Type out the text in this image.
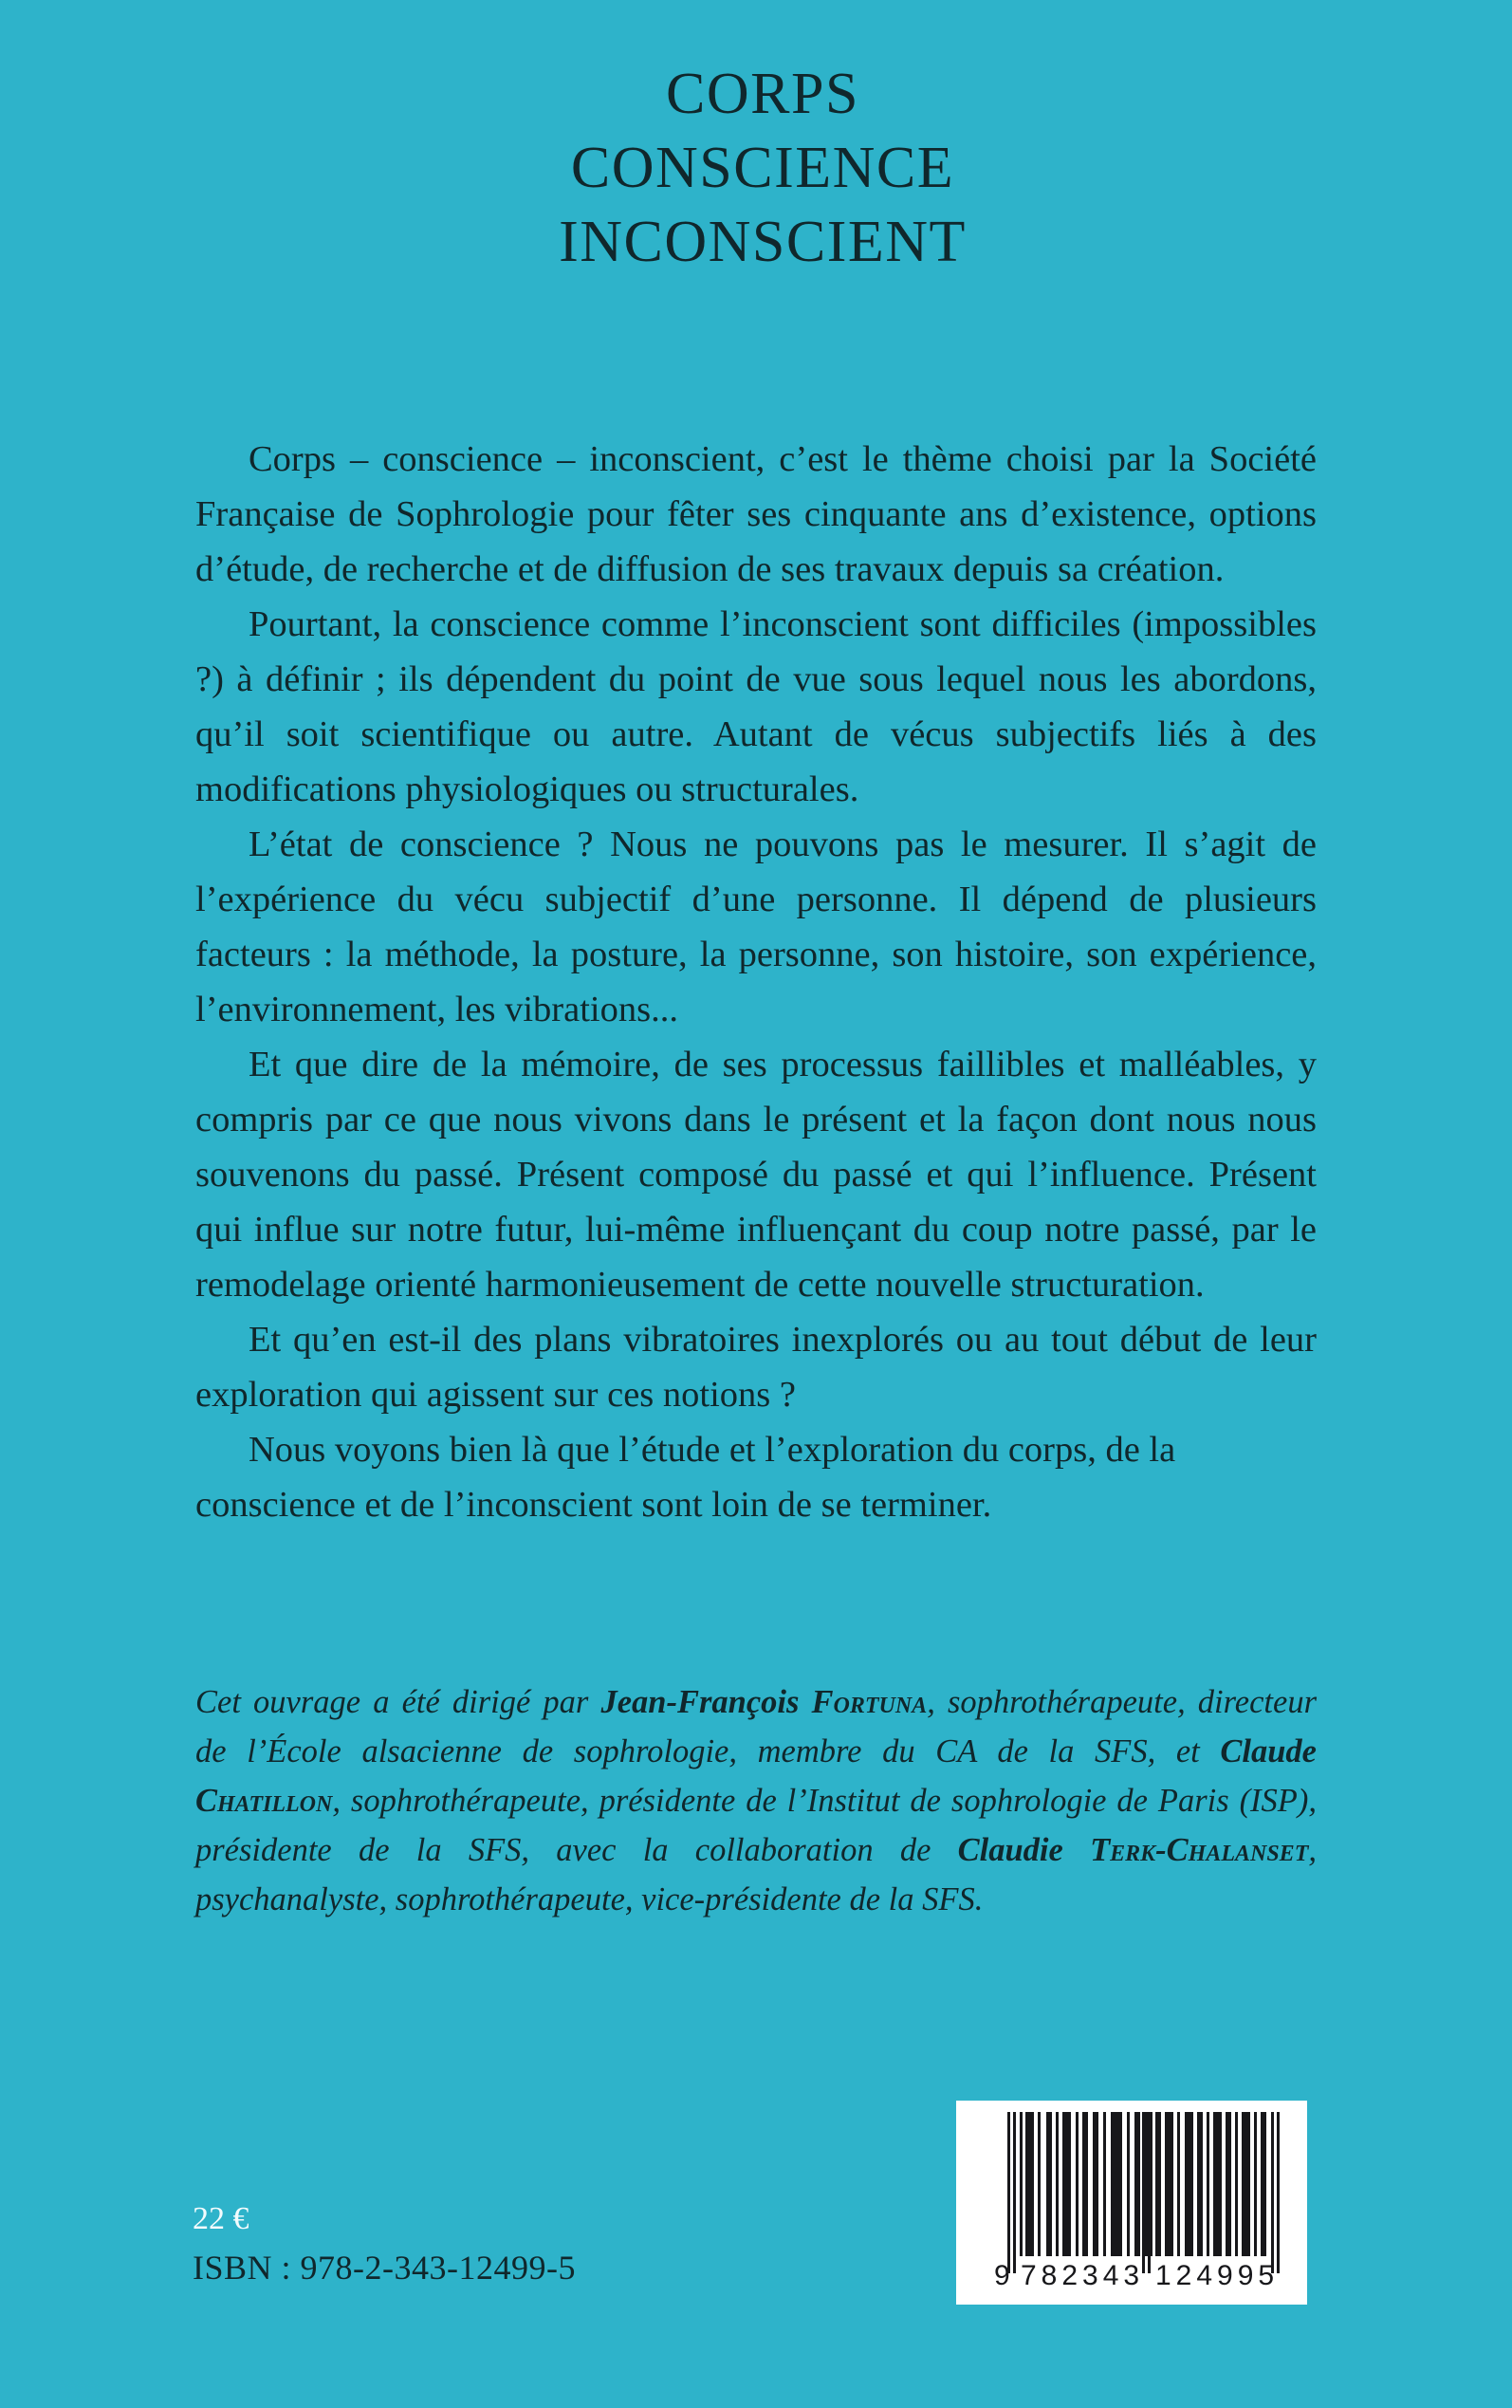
CORPS
CONSCIENCE
INCONSCIENT

Corps – conscience – inconscient, c’est le thème choisi par la Société Française de Sophrologie pour fêter ses cinquante ans d’existence, options d’étude, de recherche et de diffusion de ses travaux depuis sa création.

Pourtant, la conscience comme l’inconscient sont difficiles (impossibles ?) à définir ; ils dépendent du point de vue sous lequel nous les abordons, qu’il soit scientifique ou autre. Autant de vécus subjectifs liés à des modifications physiologiques ou structurales.

L’état de conscience ? Nous ne pouvons pas le mesurer. Il s’agit de l’expérience du vécu subjectif d’une personne. Il dépend de plusieurs facteurs : la méthode, la posture, la personne, son histoire, son expérience, l’environnement, les vibrations...

Et que dire de la mémoire, de ses processus faillibles et malléables, y compris par ce que nous vivons dans le présent et la façon dont nous nous souvenons du passé. Présent composé du passé et qui l’influence. Présent qui influe sur notre futur, lui-même influençant du coup notre passé, par le remodelage orienté harmonieusement de cette nouvelle structuration.

Et qu’en est-il des plans vibratoires inexplorés ou au tout début de leur exploration qui agissent sur ces notions ?

Nous voyons bien là que l’étude et l’exploration du corps, de la conscience et de l’inconscient sont loin de se terminer.

Cet ouvrage a été dirigé par Jean-François Fortuna, sophrothérapeute, directeur de l’École alsacienne de sophrologie, membre du CA de la SFS, et Claude Chatillon, sophrothérapeute, présidente de l’Institut de sophrologie de Paris (ISP), présidente de la SFS, avec la collaboration de Claudie Terk-Chalanset, psychanalyste, sophrothérapeute, vice-présidente de la SFS.
22 €
ISBN : 978-2-343-12499-5	9 782343 124995
